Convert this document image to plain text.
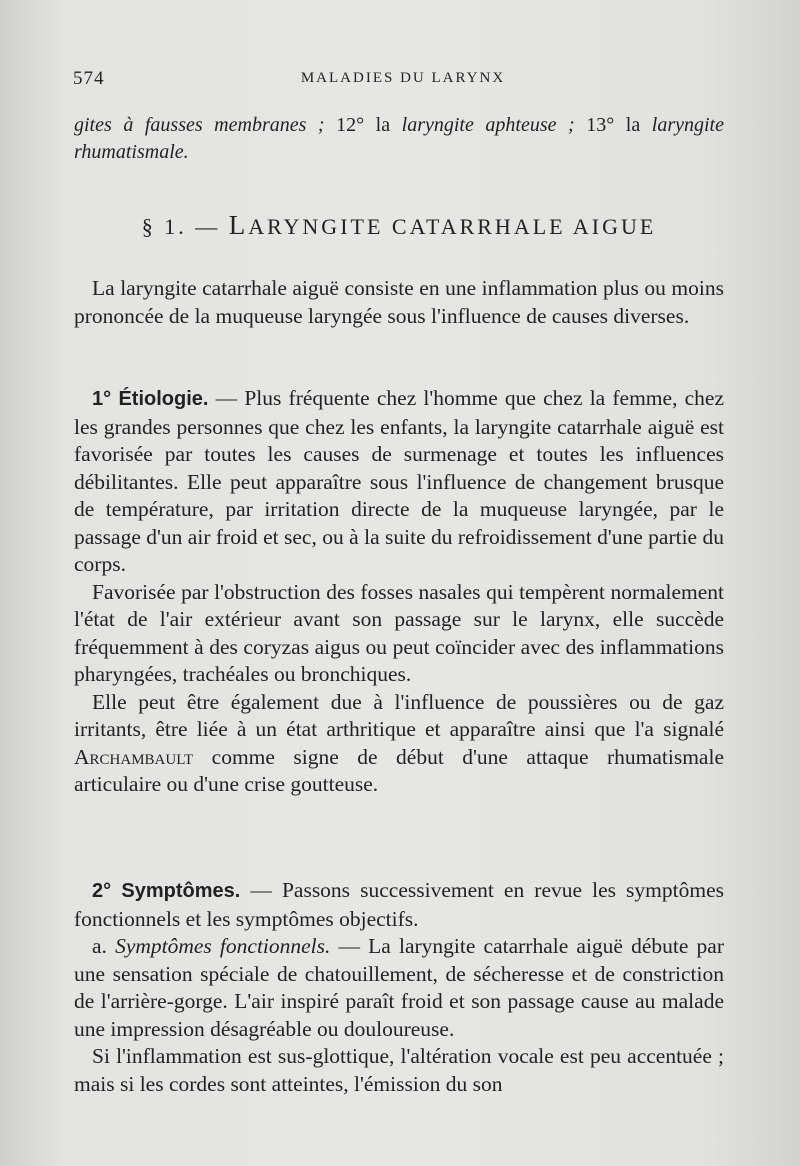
574	MALADIES DU LARYNX
gites à fausses membranes ; 12° la laryngite aphteuse ; 13° la laryngite rhumatismale.
§ 1. — LARYNGITE CATARRHALE AIGUE

La laryngite catarrhale aiguë consiste en une inflammation plus ou moins prononcée de la muqueuse laryngée sous l'influence de causes diverses.

1° Étiologie. — Plus fréquente chez l'homme que chez la femme, chez les grandes personnes que chez les enfants, la laryngite catarrhale aiguë est favorisée par toutes les causes de surmenage et toutes les influences débilitantes. Elle peut apparaître sous l'influence de changement brusque de température, par irritation directe de la muqueuse laryngée, par le passage d'un air froid et sec, ou à la suite du refroidissement d'une partie du corps.

Favorisée par l'obstruction des fosses nasales qui tempèrent normalement l'état de l'air extérieur avant son passage sur le larynx, elle succède fréquemment à des coryzas aigus ou peut coïncider avec des inflammations pharyngées, trachéales ou bronchiques.

Elle peut être également due à l'influence de poussières ou de gaz irritants, être liée à un état arthritique et apparaître ainsi que l'a signalé Archambault comme signe de début d'une attaque rhumatismale articulaire ou d'une crise goutteuse.

2° Symptômes. — Passons successivement en revue les symptômes fonctionnels et les symptômes objectifs.

a. Symptômes fonctionnels. — La laryngite catarrhale aiguë débute par une sensation spéciale de chatouillement, de sécheresse et de constriction de l'arrière-gorge. L'air inspiré paraît froid et son passage cause au malade une impression désagréable ou douloureuse.

Si l'inflammation est sus-glottique, l'altération vocale est peu accentuée ; mais si les cordes sont atteintes, l'émission du son
